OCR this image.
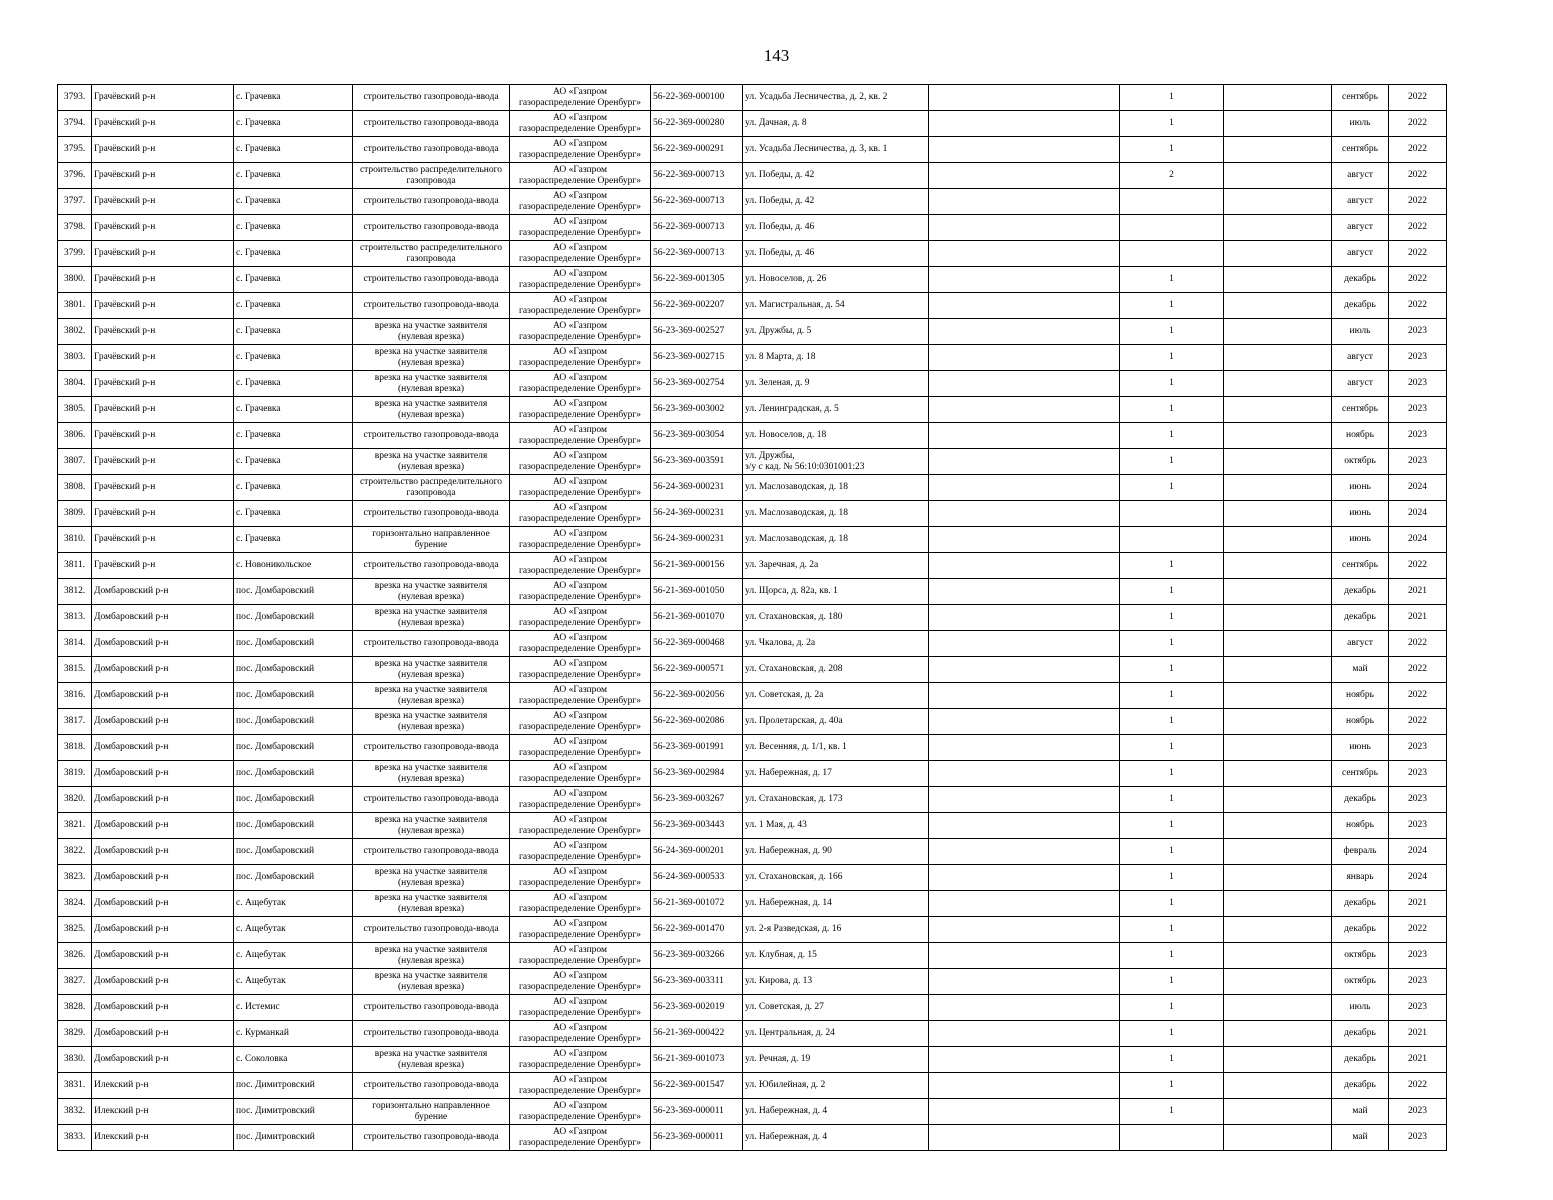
143
3793.	Грачёвский р-н	с. Грачевка	строительство газопровода-ввода	АО «Газпром
газораспределение Оренбург»	56-22-369-000100	ул. Усадьба Лесничества, д. 2, кв. 2		1		сентябрь	2022
3794.	Грачёвский р-н	с. Грачевка	строительство газопровода-ввода	АО «Газпром
газораспределение Оренбург»	56-22-369-000280	ул. Дачная, д. 8		1		июль	2022
3795.	Грачёвский р-н	с. Грачевка	строительство газопровода-ввода	АО «Газпром
газораспределение Оренбург»	56-22-369-000291	ул. Усадьба Лесничества, д. 3, кв. 1		1		сентябрь	2022
3796.	Грачёвский р-н	с. Грачевка	строительство распределительного
газопровода	АО «Газпром
газораспределение Оренбург»	56-22-369-000713	ул. Победы, д. 42		2		август	2022
3797.	Грачёвский р-н	с. Грачевка	строительство газопровода-ввода	АО «Газпром
газораспределение Оренбург»	56-22-369-000713	ул. Победы, д. 42				август	2022
3798.	Грачёвский р-н	с. Грачевка	строительство газопровода-ввода	АО «Газпром
газораспределение Оренбург»	56-22-369-000713	ул. Победы, д. 46				август	2022
3799.	Грачёвский р-н	с. Грачевка	строительство распределительного
газопровода	АО «Газпром
газораспределение Оренбург»	56-22-369-000713	ул. Победы, д. 46				август	2022
3800.	Грачёвский р-н	с. Грачевка	строительство газопровода-ввода	АО «Газпром
газораспределение Оренбург»	56-22-369-001305	ул. Новоселов, д. 26		1		декабрь	2022
3801.	Грачёвский р-н	с. Грачевка	строительство газопровода-ввода	АО «Газпром
газораспределение Оренбург»	56-22-369-002207	ул. Магистральная, д. 54		1		декабрь	2022
3802.	Грачёвский р-н	с. Грачевка	врезка на участке заявителя
(нулевая врезка)	АО «Газпром
газораспределение Оренбург»	56-23-369-002527	ул. Дружбы, д. 5		1		июль	2023
3803.	Грачёвский р-н	с. Грачевка	врезка на участке заявителя
(нулевая врезка)	АО «Газпром
газораспределение Оренбург»	56-23-369-002715	ул. 8 Марта, д. 18		1		август	2023
3804.	Грачёвский р-н	с. Грачевка	врезка на участке заявителя
(нулевая врезка)	АО «Газпром
газораспределение Оренбург»	56-23-369-002754	ул. Зеленая, д. 9		1		август	2023
3805.	Грачёвский р-н	с. Грачевка	врезка на участке заявителя
(нулевая врезка)	АО «Газпром
газораспределение Оренбург»	56-23-369-003002	ул. Ленинградская, д. 5		1		сентябрь	2023
3806.	Грачёвский р-н	с. Грачевка	строительство газопровода-ввода	АО «Газпром
газораспределение Оренбург»	56-23-369-003054	ул. Новоселов, д. 18		1		ноябрь	2023
3807.	Грачёвский р-н	с. Грачевка	врезка на участке заявителя
(нулевая врезка)	АО «Газпром
газораспределение Оренбург»	56-23-369-003591	ул. Дружбы,
з/у с кад. № 56:10:0301001:23		1		октябрь	2023
3808.	Грачёвский р-н	с. Грачевка	строительство распределительного
газопровода	АО «Газпром
газораспределение Оренбург»	56-24-369-000231	ул. Маслозаводская, д. 18		1		июнь	2024
3809.	Грачёвский р-н	с. Грачевка	строительство газопровода-ввода	АО «Газпром
газораспределение Оренбург»	56-24-369-000231	ул. Маслозаводская, д. 18				июнь	2024
3810.	Грачёвский р-н	с. Грачевка	горизонтально направленное
бурение	АО «Газпром
газораспределение Оренбург»	56-24-369-000231	ул. Маслозаводская, д. 18				июнь	2024
3811.	Грачёвский р-н	с. Новоникольское	строительство газопровода-ввода	АО «Газпром
газораспределение Оренбург»	56-21-369-000156	ул. Заречная, д. 2а		1		сентябрь	2022
3812.	Домбаровский р-н	пос. Домбаровский	врезка на участке заявителя
(нулевая врезка)	АО «Газпром
газораспределение Оренбург»	56-21-369-001050	ул. Щорса, д. 82а, кв. 1		1		декабрь	2021
3813.	Домбаровский р-н	пос. Домбаровский	врезка на участке заявителя
(нулевая врезка)	АО «Газпром
газораспределение Оренбург»	56-21-369-001070	ул. Стахановская, д. 180		1		декабрь	2021
3814.	Домбаровский р-н	пос. Домбаровский	строительство газопровода-ввода	АО «Газпром
газораспределение Оренбург»	56-22-369-000468	ул. Чкалова, д. 2а		1		август	2022
3815.	Домбаровский р-н	пос. Домбаровский	врезка на участке заявителя
(нулевая врезка)	АО «Газпром
газораспределение Оренбург»	56-22-369-000571	ул. Стахановская, д. 208		1		май	2022
3816.	Домбаровский р-н	пос. Домбаровский	врезка на участке заявителя
(нулевая врезка)	АО «Газпром
газораспределение Оренбург»	56-22-369-002056	ул. Советская, д. 2а		1		ноябрь	2022
3817.	Домбаровский р-н	пос. Домбаровский	врезка на участке заявителя
(нулевая врезка)	АО «Газпром
газораспределение Оренбург»	56-22-369-002086	ул. Пролетарская, д. 40а		1		ноябрь	2022
3818.	Домбаровский р-н	пос. Домбаровский	строительство газопровода-ввода	АО «Газпром
газораспределение Оренбург»	56-23-369-001991	ул. Весенняя, д. 1/1, кв. 1		1		июнь	2023
3819.	Домбаровский р-н	пос. Домбаровский	врезка на участке заявителя
(нулевая врезка)	АО «Газпром
газораспределение Оренбург»	56-23-369-002984	ул. Набережная, д. 17		1		сентябрь	2023
3820.	Домбаровский р-н	пос. Домбаровский	строительство газопровода-ввода	АО «Газпром
газораспределение Оренбург»	56-23-369-003267	ул. Стахановская, д. 173		1		декабрь	2023
3821.	Домбаровский р-н	пос. Домбаровский	врезка на участке заявителя
(нулевая врезка)	АО «Газпром
газораспределение Оренбург»	56-23-369-003443	ул. 1 Мая, д. 43		1		ноябрь	2023
3822.	Домбаровский р-н	пос. Домбаровский	строительство газопровода-ввода	АО «Газпром
газораспределение Оренбург»	56-24-369-000201	ул. Набережная, д. 90		1		февраль	2024
3823.	Домбаровский р-н	пос. Домбаровский	врезка на участке заявителя
(нулевая врезка)	АО «Газпром
газораспределение Оренбург»	56-24-369-000533	ул. Стахановская, д. 166		1		январь	2024
3824.	Домбаровский р-н	с. Ащебутак	врезка на участке заявителя
(нулевая врезка)	АО «Газпром
газораспределение Оренбург»	56-21-369-001072	ул. Набережная, д. 14		1		декабрь	2021
3825.	Домбаровский р-н	с. Ащебутак	строительство газопровода-ввода	АО «Газпром
газораспределение Оренбург»	56-22-369-001470	ул. 2-я Разведская, д. 16		1		декабрь	2022
3826.	Домбаровский р-н	с. Ащебутак	врезка на участке заявителя
(нулевая врезка)	АО «Газпром
газораспределение Оренбург»	56-23-369-003266	ул. Клубная, д. 15		1		октябрь	2023
3827.	Домбаровский р-н	с. Ащебутак	врезка на участке заявителя
(нулевая врезка)	АО «Газпром
газораспределение Оренбург»	56-23-369-003311	ул. Кирова, д. 13		1		октябрь	2023
3828.	Домбаровский р-н	с. Истемис	строительство газопровода-ввода	АО «Газпром
газораспределение Оренбург»	56-23-369-002019	ул. Советская, д. 27		1		июль	2023
3829.	Домбаровский р-н	с. Курманкай	строительство газопровода-ввода	АО «Газпром
газораспределение Оренбург»	56-21-369-000422	ул. Центральная, д. 24		1		декабрь	2021
3830.	Домбаровский р-н	с. Соколовка	врезка на участке заявителя
(нулевая врезка)	АО «Газпром
газораспределение Оренбург»	56-21-369-001073	ул. Речная, д. 19		1		декабрь	2021
3831.	Илекский р-н	пос. Димитровский	строительство газопровода-ввода	АО «Газпром
газораспределение Оренбург»	56-22-369-001547	ул. Юбилейная, д. 2		1		декабрь	2022
3832.	Илекский р-н	пос. Димитровский	горизонтально направленное
бурение	АО «Газпром
газораспределение Оренбург»	56-23-369-000011	ул. Набережная, д. 4		1		май	2023
3833.	Илекский р-н	пос. Димитровский	строительство газопровода-ввода	АО «Газпром
газораспределение Оренбург»	56-23-369-000011	ул. Набережная, д. 4				май	2023
